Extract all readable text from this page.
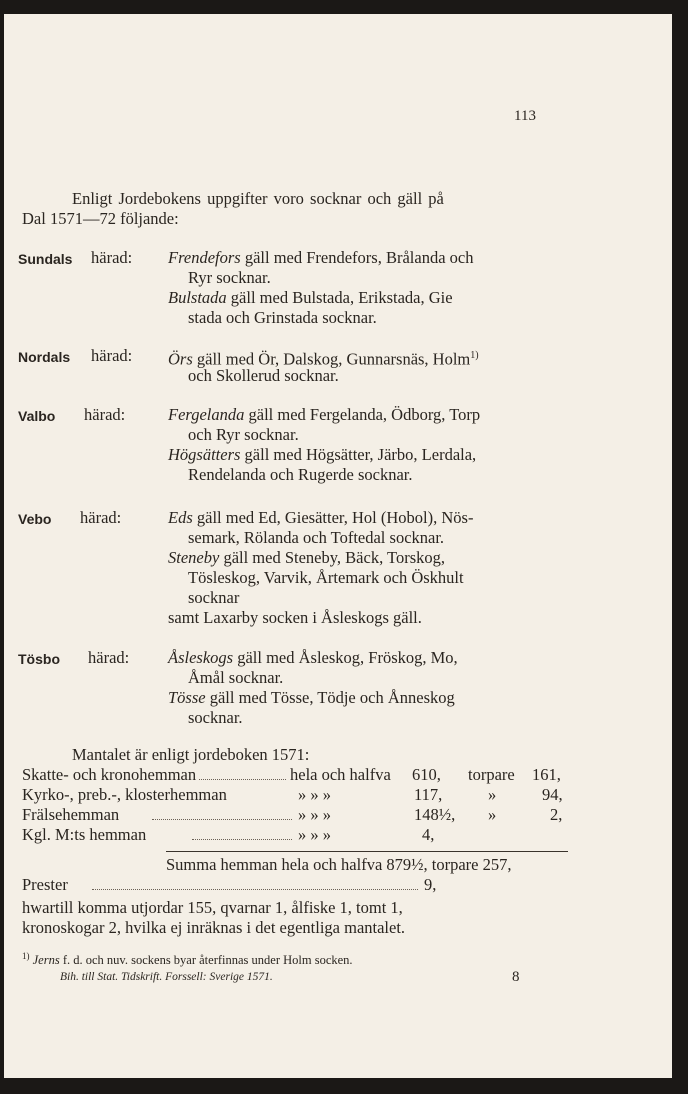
113
Enligt Jordebokens uppgifter voro socknar och gäll på
Dal 1571—72 följande:
Sundals härad: Frendefors gäll med Frendefors, Brålanda och
Ryr socknar.
Bulstada gäll med Bulstada, Erikstada, Gie
stada och Grinstada socknar.
Nordals härad: Örs gäll med Ör, Dalskog, Gunnarsnäs, Holm$^{1)}$
och Skollerud socknar.
Valbo härad:	Fergelanda gäll med Fergelanda, Ödborg, Torp
och Ryr socknar.
Högsätters gäll med Högsätter, Järbo, Lerdala,
Rendelanda och Rugerde socknar.
Vebo härad:	Eds gäll med Ed, Giesätter, Hol (Hobol), Nös-
semark, Rölanda och Toftedal socknar.
Steneby gäll med Steneby, Bäck, Torskog,
Tösleskog, Varvik, Årtemark och Öskhult
socknar
samt Laxarby socken i Åsleskogs gäll.
Tösbo härad: Åsleskogs gäll med Åsleskog, Fröskog, Mo,
Åmål socknar.
Tösse gäll med Tösse, Tödje och Ånneskog
socknar.
Mantalet är enligt jordeboken 1571:
Skatte- och kronohemman	hela och halfva 610, torpare 161,
Kyrko-, preb.-, klosterhemman	» » »	117,	»	94,
Frälsehemman	» » »	148½, »	2,
Kgl. M:ts hemman	» » »	4,
Summa hemman hela och halfva 879½, torpare 257,
Prester	9,
hwartill komma utjordar 155, qvarnar 1, ålfiske 1, tomt 1,
kronoskogar 2, hvilka ej inräknas i det egentliga mantalet.
$^{1)}$ Jerns f. d. och nuv. sockens byar återfinnas under Holm socken.
Bih. till Stat. Tidskrift. Forssell: Sverige 1571.	8
